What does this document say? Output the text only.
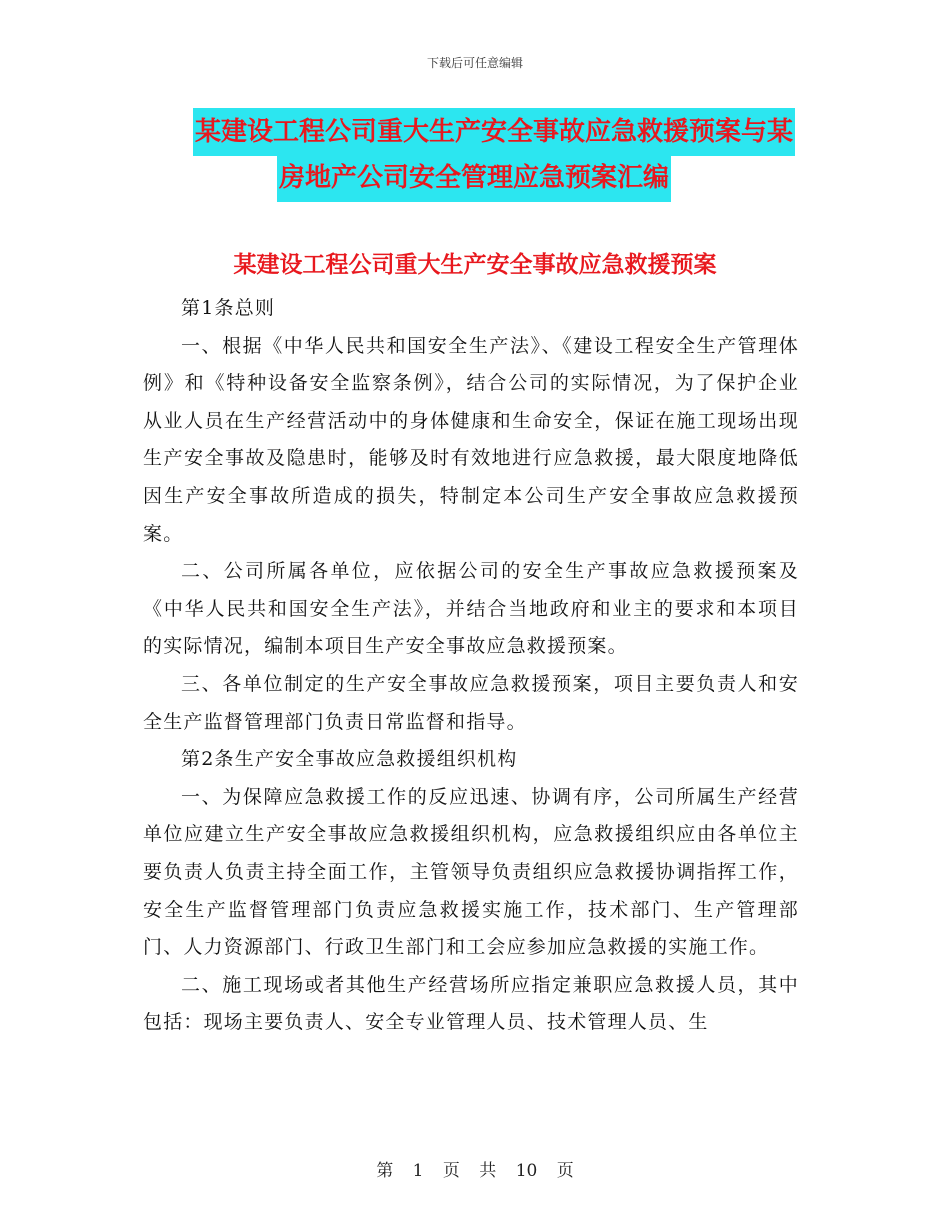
下载后可任意编辑
某建设工程公司重大生产安全事故应急救援预案与某
房地产公司安全管理应急预案汇编
某建设工程公司重大生产安全事故应急救援预案

第1条总则

一、根据《中华人民共和国安全生产法》、《建设工程安全生产管理体例》和《特种设备安全监察条例》，结合公司的实际情况，为了保护企业从业人员在生产经营活动中的身体健康和生命安全，保证在施工现场出现生产安全事故及隐患时，能够及时有效地进行应急救援，最大限度地降低因生产安全事故所造成的损失，特制定本公司生产安全事故应急救援预案。

二、公司所属各单位，应依据公司的安全生产事故应急救援预案及《中华人民共和国安全生产法》，并结合当地政府和业主的要求和本项目的实际情况，编制本项目生产安全事故应急救援预案。

三、各单位制定的生产安全事故应急救援预案，项目主要负责人和安全生产监督管理部门负责日常监督和指导。

第2条生产安全事故应急救援组织机构

一、为保障应急救援工作的反应迅速、协调有序，公司所属生产经营单位应建立生产安全事故应急救援组织机构，应急救援组织应由各单位主要负责人负责主持全面工作，主管领导负责组织应急救援协调指挥工作，安全生产监督管理部门负责应急救援实施工作，技术部门、生产管理部门、人力资源部门、行政卫生部门和工会应参加应急救援的实施工作。

二、施工现场或者其他生产经营场所应指定兼职应急救援人员，其中包括：现场主要负责人、安全专业管理人员、技术管理人员、生

第 1 页 共 10 页
